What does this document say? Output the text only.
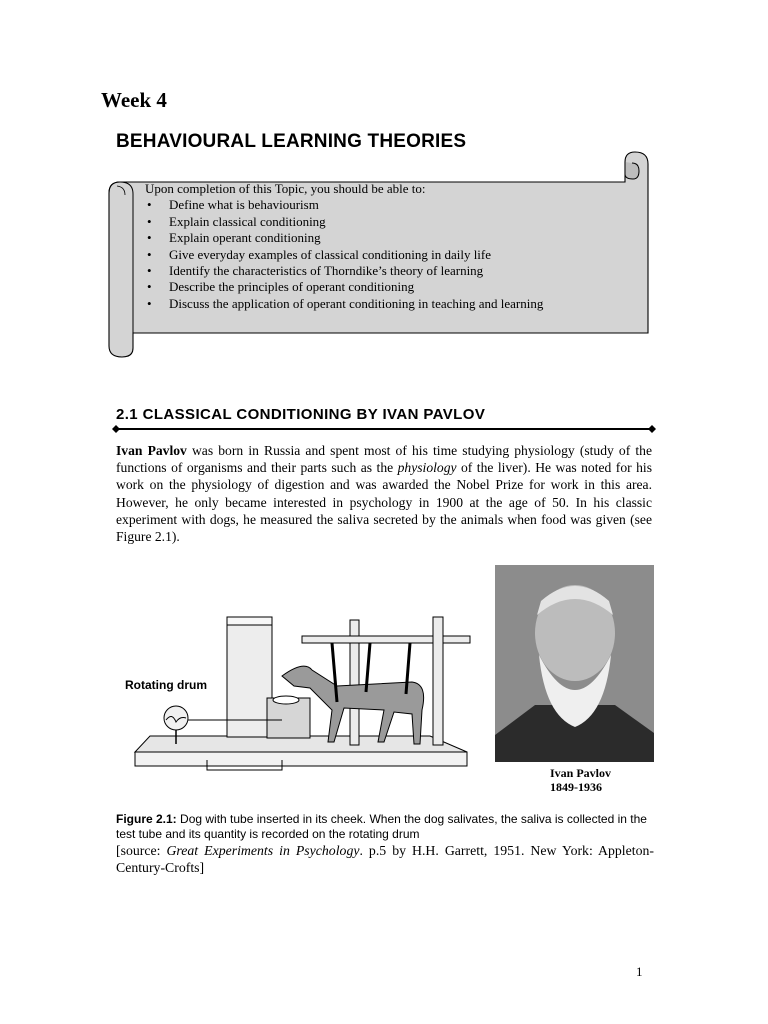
Week 4
BEHAVIOURAL LEARNING THEORIES

Upon completion of this Topic, you should be able to:

• Define what is behaviourism
• Explain classical conditioning
• Explain operant conditioning
• Give everyday examples of classical conditioning in daily life
• Identify the characteristics of Thorndike’s theory of learning
• Describe the principles of operant conditioning
• Discuss the application of operant conditioning in teaching and learning
2.1 CLASSICAL CONDITIONING BY IVAN PAVLOV

Ivan Pavlov was born in Russia and spent most of his time studying physiology (study of the functions of organisms and their parts such as the physiology of the liver). He was noted for his work on the physiology of digestion and was awarded the Nobel Prize for work in this area. However, he only became interested in psychology in 1900 at the age of 50. In his classic experiment with dogs, he measured the saliva secreted by the animals when food was given (see Figure 2.1).

Rotating drum
Ivan Pavlov
1849-1936

Figure 2.1: Dog with tube inserted in its cheek. When the dog salivates, the saliva is collected in the test tube and its quantity is recorded on the rotating drum

[source: Great Experiments in Psychology. p.5 by H.H. Garrett, 1951. New York: Appleton-Century-Crofts]

1
